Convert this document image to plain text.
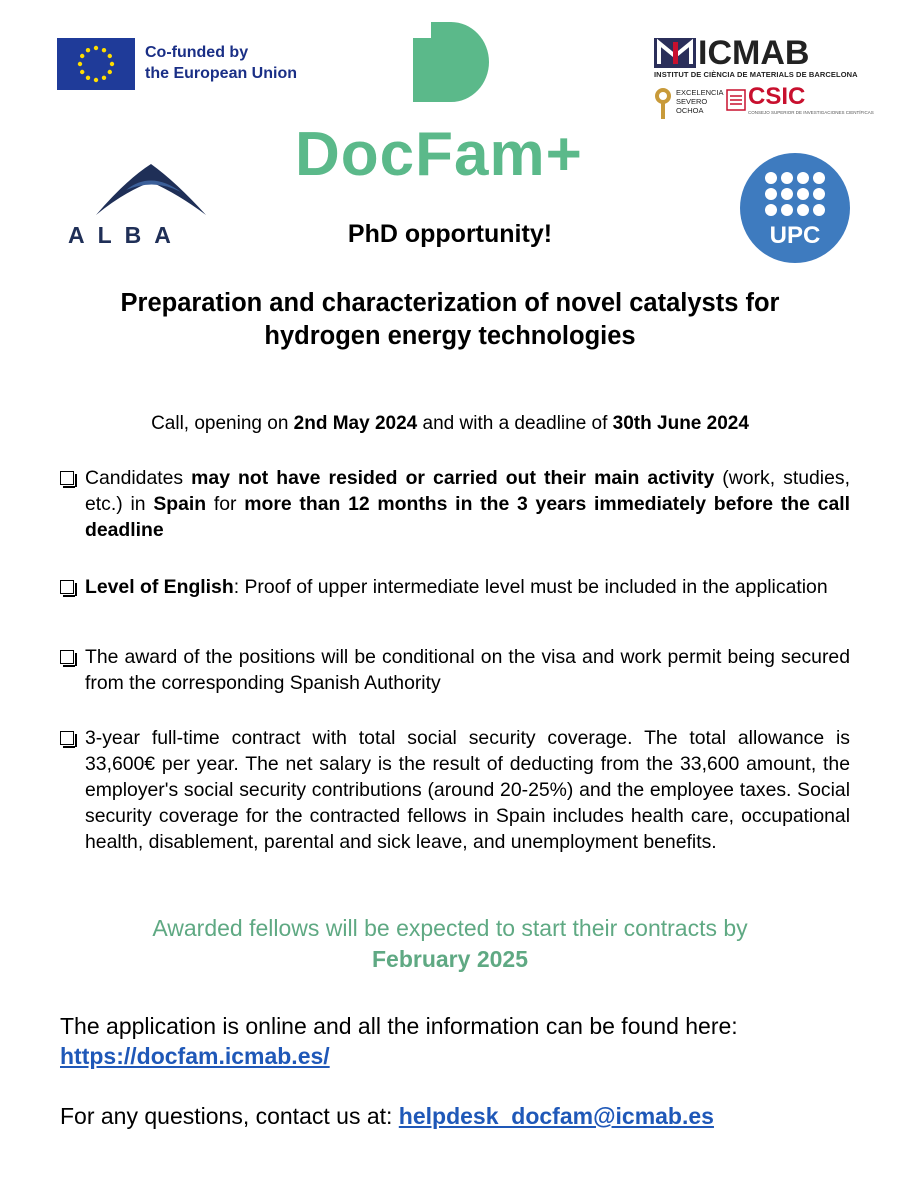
Co-funded by
the European Union
DocFam+
ICMAB
INSTITUT DE CIÈNCIA DE MATERIALS DE BARCELONA
EXCELENCIA
SEVERO
OCHOA
CSIC
CONSEJO SUPERIOR DE INVESTIGACIONES CIENTÍFICAS
ALBA	UPC
PhD opportunity!
Preparation and characterization of novel catalysts for
hydrogen energy technologies
Call, opening on 2nd May 2024 and with a deadline of 30th June 2024
Candidates may not have resided or carried out their main activity (work, studies, etc.) in Spain for more than 12 months in the 3 years immediately before the call deadline
Level of English: Proof of upper intermediate level must be included in the application
The award of the positions will be conditional on the visa and work permit being secured from the corresponding Spanish Authority
3-year full-time contract with total social security coverage. The total allowance is 33,600€ per year. The net salary is the result of deducting from the 33,600 amount, the employer's social security contributions (around 20-25%) and the employee taxes. Social security coverage for the contracted fellows in Spain includes health care, occupational health, disablement, parental and sick leave, and unemployment benefits.
Awarded fellows will be expected to start their contracts by
February 2025
The application is online and all the information can be found here:
https://docfam.icmab.es/
For any questions, contact us at: helpdesk_docfam@icmab.es
